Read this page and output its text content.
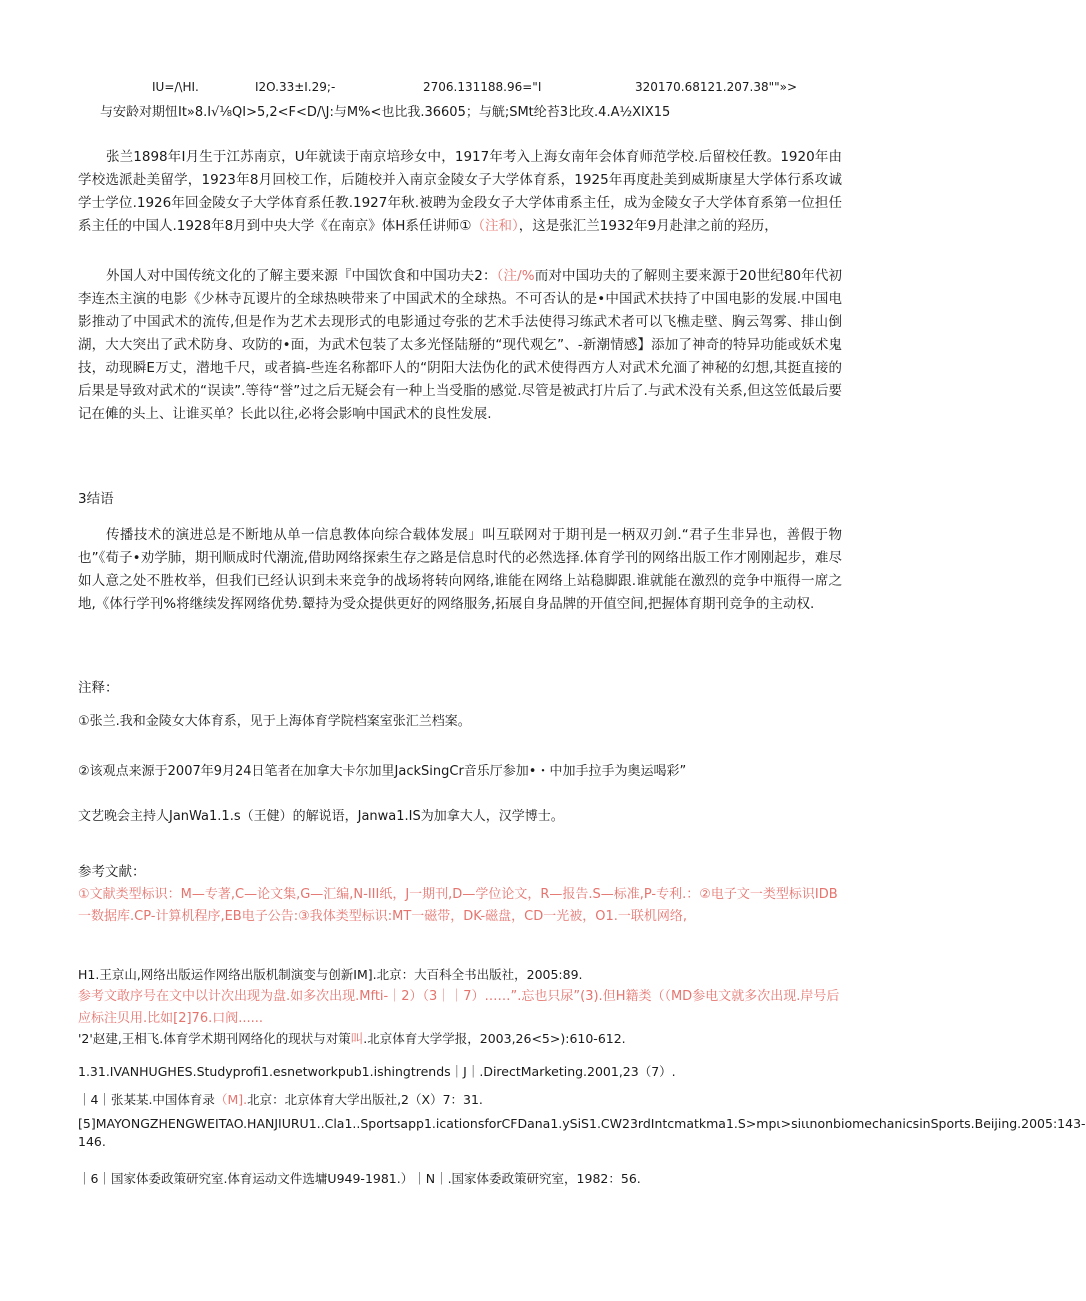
IU=/\HI.	I2O.33±I.29;-	2706.131188.96="I	320170.68121.207.38""»>
与安龄对期忸It»8.I√⅛QI>5,2<F<D/\J:与M%<也比我.36605；与觥;SMt纶苔3比玫.4.A½XIX15

张兰1898年I月生于江苏南京，U年就读于南京培珍女中，1917年考入上海女南年会体育师范学校.后留校任教。1920年由学校选派赴美留学，1923年8月回校工作，后随校并入南京金陵女子大学体育系，1925年再度赴美到威斯康星大学体行系攻诚学士学位.1926年回金陵女子大学体育系任教.1927年秋.被聘为金段女子大学体甫系主任，成为金陵女子大学体育系第一位担任系主任的中国人.1928年8月到中央大学《在南京》体H系任讲师①（注和），这是张汇兰1932年9月赴津之前的羟历，

外国人对中国传统文化的了解主要来源『中国饮食和中国功夫2：（注/%而对中国功夫的了解则主要来源于20世纪80年代初李连杰主演的电影《少林寺瓦谡片的全球热映带来了中国武术的全球热。不可否认的是•中国武术扶持了中国电影的发展.中国电影推动了中国武术的流传,但是作为艺术去现形式的电影通过夸张的艺术手法使得习练武术者可以飞樵走壁、胸云驾雾、排山倒湖，大大突出了武术防身、攻防的•面，为武术包装了太多光怪陆掰的“现代观乞”、-新潮情感】添加了神奇的特异功能或妖术鬼技，动现瞬E万丈，潜地千尺，或者搞-些连名称都吓人的“阴阳大法伪化的武术使得西方人对武术允湎了神秘的幻想,其挺直接的后果是导致对武术的“误读”.等待“誉”过之后无疑会有一种上当受脂的感觉.尽管是被武打片后了.与武术没有关系,但这笠低最后要记在傩的头上、让谁买单？长此以往,必将会影响中国武术的良性发展.

3结语

传播技术的演进总是不断地从单一信息教体向综合载体发展」叫互联网对于期刊是一柄双刃剑.“君子生非异也，善假于物也”《荀子•劝学肺，期刊顺成时代潮流,借助网络探索生存之路是信息时代的必然选择.体育学刊的网络出版工作才刚刚起步，难尽如人意之处不胜枚举，但我们已经认识到未来竞争的战场将转向网络,谁能在网络上站稳脚跟.谁就能在激烈的竞争中瓶得一席之地,《体行学刊%将继续发挥网络优势.颦持为受众提供更好的网络服务,拓展自身品牌的开值空间,把握体育期刊竞争的主动权.

注释：

①张兰.我和金陵女大体育系，见于上海体育学院档案室张汇兰档案。

②该观点来源于2007年9月24日笔者在加拿大卡尔加里JackSingCr音乐厅参加•・中加手拉手为奥运喝彩”

文艺晚会主持人JanWa1.1.s（王健）的解说语，Janwa1.IS为加拿大人，汉学博士。

参考文献：

①文献类型标识：M—专著,C—论文集,G—汇编,N-III纸，J一期刊,D—学位论文，R—报告.S—标准,P-专利.：②电子文一类型标识IDB一数据库.CP-计算机程序,EB电子公告:③我体类型标识:MT一磁带，DK-磁盘，CD一光被，O1.一联机网络,

H1.王京山,网络出版运作网络出版机制演变与创新IM].北京：大百科全书出版社，2005:89.

参考文敢序号在文中以计次出现为盘.如多次出现.Mfti-｜2）（3｜｜7）……”.忘也只尿”(3).但H籍类（（MD参电文就多次出现.岸号后应标注贝用.比如[2]76.口阀......

'2'赵建,王相飞.体育学术期刊网络化的现状与对策叫.北京体育大学学报，2003,26<5>):610-612.

1.31.IVANHUGHES.Studyprofi1.esnetworkpub1.ishingtrends｜J｜.DirectMarketing.2001,23（7）.

｜4｜张某某.中国体育录（M].北京：北京体育大学出版社,2（X）7：31.

[5]MAYONGZHENGWEITAO.HANJIURU1..Cla1..Sportsapp1.icationsforCFDana1.ySiS1.CW23rdIntcmatkma1.S>mpι>siιιnonbiomechanicsinSports.Beijing.2005:143-146.

｜6｜国家体委政策研究室.体育运动文件选墉U949-1981.）｜N｜.国家体委政策研究室，1982：56.
